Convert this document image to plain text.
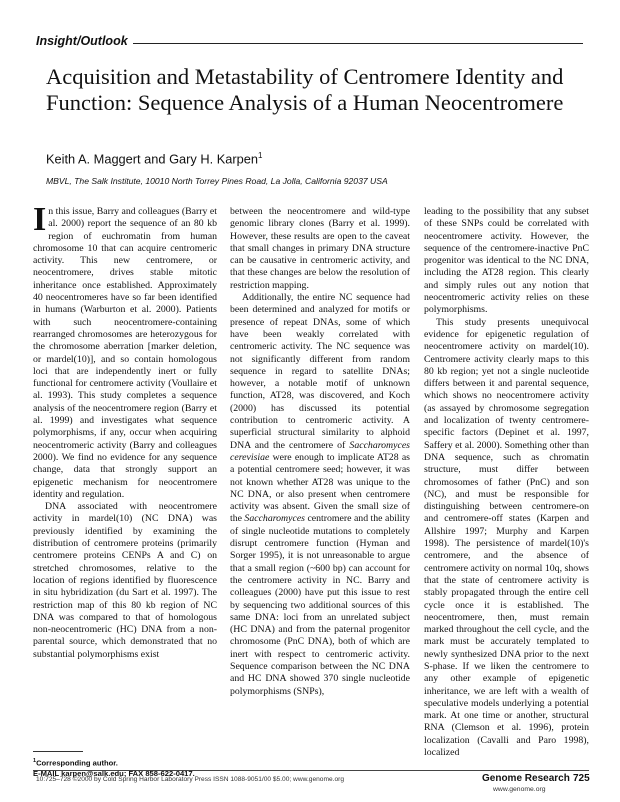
Insight/Outlook
Acquisition and Metastability of Centromere Identity and Function: Sequence Analysis of a Human Neocentromere
Keith A. Maggert and Gary H. Karpen$^1$
MBVL, The Salk Institute, 10010 North Torrey Pines Road, La Jolla, California 92037 USA

In this issue, Barry and colleagues (Barry et al. 2000) report the sequence of an 80 kb region of euchromatin from human chromosome 10 that can acquire centromeric activity. This new centromere, or neocentromere, drives stable mitotic inheritance once established. Approximately 40 neocentromeres have so far been identified in humans (Warburton et al. 2000). Patients with such neocentromere-containing rearranged chromosomes are heterozygous for the chromosome aberration [marker deletion, or mardel(10)], and so contain homologous loci that are independently inert or fully functional for centromere activity (Voullaire et al. 1993). This study completes a sequence analysis of the neocentromere region (Barry et al. 1999) and investigates what sequence polymorphisms, if any, occur when acquiring neocentromeric activity (Barry and colleagues 2000). We find no evidence for any sequence change, data that strongly support an epigenetic mechanism for neocentromere identity and regulation.

DNA associated with neocentromere activity in mardel(10) (NC DNA) was previously identified by examining the distribution of centromere proteins (primarily centromere proteins CENPs A and C) on stretched chromosomes, relative to the location of regions identified by fluorescence in situ hybridization (du Sart et al. 1997). The restriction map of this 80 kb region of NC DNA was compared to that of homologous non-neocentromeric (HC) DNA from a non-parental source, which demonstrated that no substantial polymorphisms exist

between the neocentromere and wild-type genomic library clones (Barry et al. 1999). However, these results are open to the caveat that small changes in primary DNA structure can be causative in centromeric activity, and that these changes are below the resolution of restriction mapping.

Additionally, the entire NC sequence had been determined and analyzed for motifs or presence of repeat DNAs, some of which have been weakly correlated with centromeric activity. The NC sequence was not significantly different from random sequence in regard to satellite DNAs; however, a notable motif of unknown function, AT28, was discovered, and Koch (2000) has discussed its potential contribution to centromeric activity. A superficial structural similarity to alphoid DNA and the centromere of Saccharomyces cerevisiae were enough to implicate AT28 as a potential centromere seed; however, it was not known whether AT28 was unique to the NC DNA, or also present when centromere activity was absent. Given the small size of the Saccharomyces centromere and the ability of single nucleotide mutations to completely disrupt centromere function (Hyman and Sorger 1995), it is not unreasonable to argue that a small region (~600 bp) can account for the centromere activity in NC. Barry and colleagues (2000) have put this issue to rest by sequencing two additional sources of this same DNA: loci from an unrelated subject (HC DNA) and from the paternal progenitor chromosome (PnC DNA), both of which are inert with respect to centromeric activity. Sequence comparison between the NC DNA and HC DNA showed 370 single nucleotide polymorphisms (SNPs),

leading to the possibility that any subset of these SNPs could be correlated with neocentromere activity. However, the sequence of the centromere-inactive PnC progenitor was identical to the NC DNA, including the AT28 region. This clearly and simply rules out any notion that neocentromeric activity relies on these polymorphisms.

This study presents unequivocal evidence for epigenetic regulation of neocentromere activity on mardel(10). Centromere activity clearly maps to this 80 kb region; yet not a single nucleotide differs between it and parental sequence, which shows no neocentromere activity (as assayed by chromosome segregation and localization of twenty centromere-specific factors (Depinet et al. 1997, Saffery et al. 2000). Something other than DNA sequence, such as chromatin structure, must differ between chromosomes of father (PnC) and son (NC), and must be responsible for distinguishing between centromere-on and centromere-off states (Karpen and Allshire 1997; Murphy and Karpen 1998). The persistence of mardel(10)'s centromere, and the absence of centromere activity on normal 10q, shows that the state of centromere activity is stably propagated through the entire cell cycle once it is established. The neocentromere, then, must remain marked throughout the cell cycle, and the mark must be accurately templated to newly synthesized DNA prior to the next S-phase. If we liken the centromere to any other example of epigenetic inheritance, we are left with a wealth of speculative models underlying a potential mark. At one time or another, structural RNA (Clemson et al. 1996), protein localization (Cavalli and Paro 1998), localized

$^1$Corresponding author.
E-MAIL karpen@salk.edu; FAX 858-622-0417.
10:725–728 ©2000 by Cold Spring Harbor Laboratory Press ISSN 1088-9051/00 $5.00; www.genome.org	Genome Research 725
www.genome.org
